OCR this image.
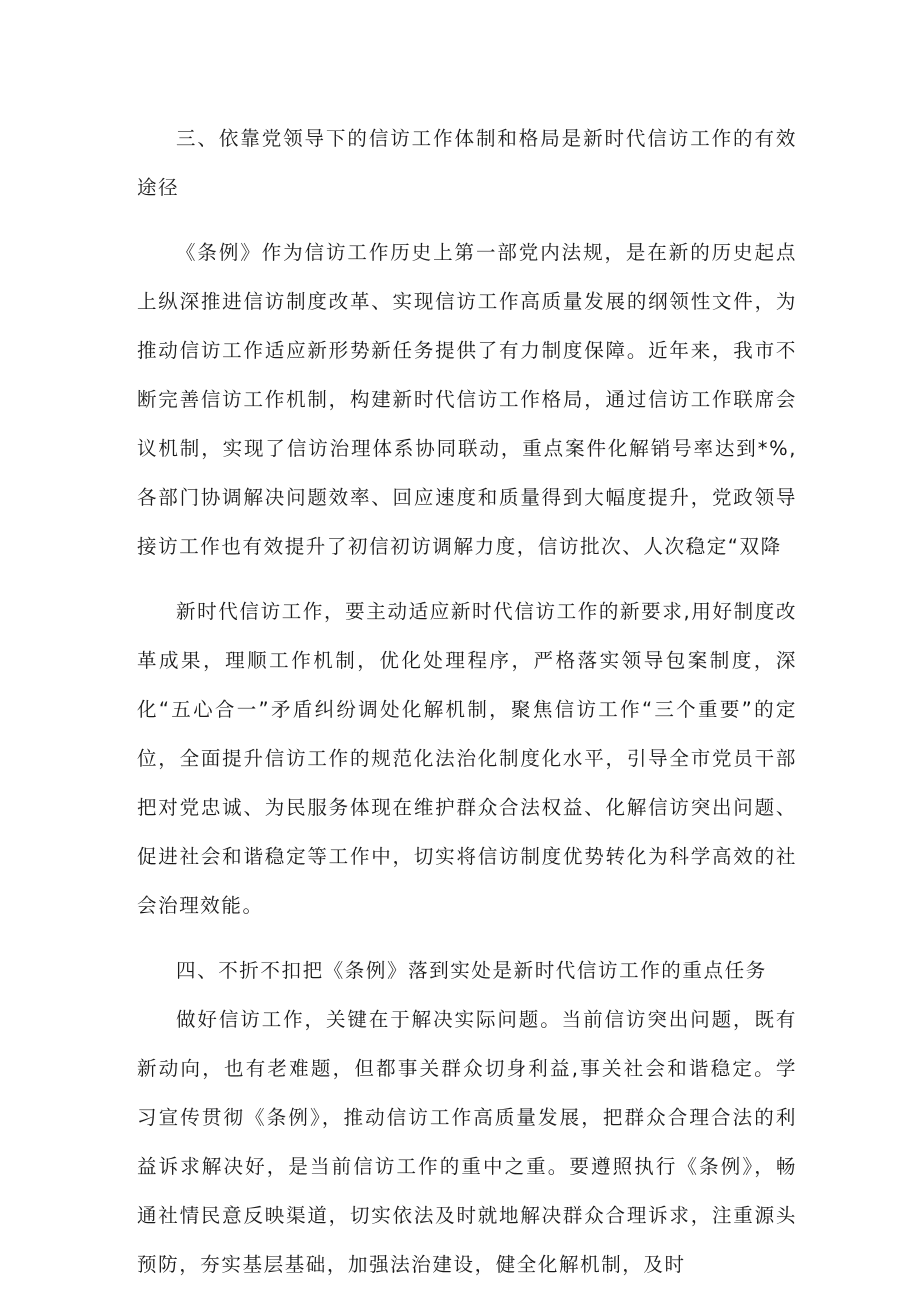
三、依靠党领导下的信访工作体制和格局是新时代信访工作的有效途径

《条例》作为信访工作历史上第一部党内法规，是在新的历史起点上纵深推进信访制度改革、实现信访工作高质量发展的纲领性文件，为推动信访工作适应新形势新任务提供了有力制度保障。近年来，我市不断完善信访工作机制，构建新时代信访工作格局，通过信访工作联席会议机制，实现了信访治理体系协同联动，重点案件化解销号率达到*%,各部门协调解决问题效率、回应速度和质量得到大幅度提升，党政领导接访工作也有效提升了初信初访调解力度，信访批次、人次稳定“双降

新时代信访工作，要主动适应新时代信访工作的新要求,用好制度改革成果，理顺工作机制，优化处理程序，严格落实领导包案制度，深化“五心合一”矛盾纠纷调处化解机制，聚焦信访工作“三个重要”的定位，全面提升信访工作的规范化法治化制度化水平，引导全市党员干部把对党忠诚、为民服务体现在维护群众合法权益、化解信访突出问题、促进社会和谐稳定等工作中，切实将信访制度优势转化为科学高效的社会治理效能。

四、不折不扣把《条例》落到实处是新时代信访工作的重点任务

做好信访工作，关键在于解决实际问题。当前信访突出问题，既有新动向，也有老难题，但都事关群众切身利益,事关社会和谐稳定。学习宣传贯彻《条例》，推动信访工作高质量发展，把群众合理合法的利益诉求解决好，是当前信访工作的重中之重。要遵照执行《条例》，畅通社情民意反映渠道，切实依法及时就地解决群众合理诉求，注重源头预防，夯实基层基础，加强法治建设，健全化解机制，及时
